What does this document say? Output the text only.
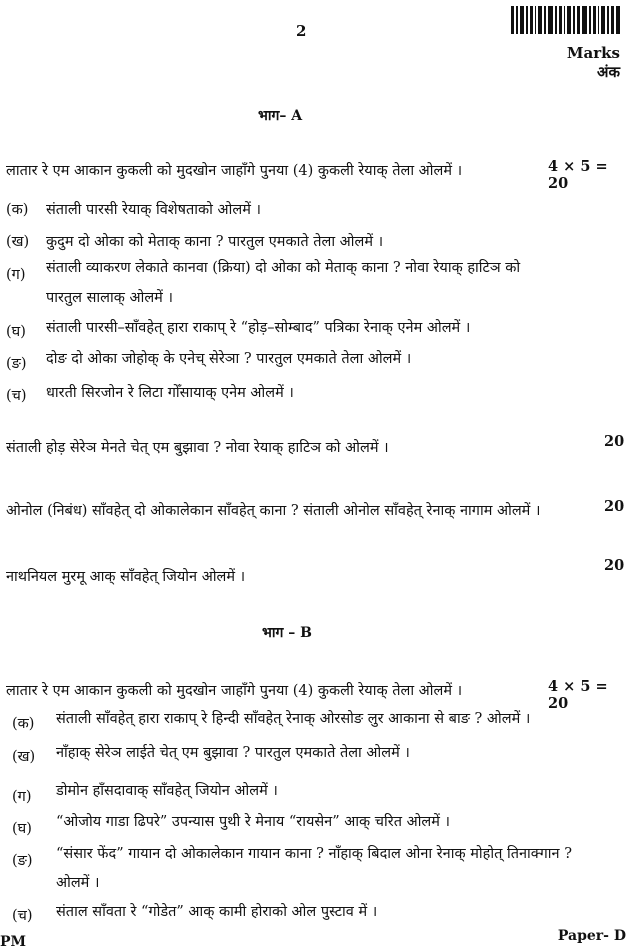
2
Marks
अंक
भाग– A
लातार रे एम आकान कुकली को मुदखोन जाहाँगे पुनया (4) कुकली रेयाक् तेला ओलमें ।	4 × 5 = 20
(क) संताली पारसी रेयाक् विशेषताको ओलमें ।
(ख) कुदुम दो ओका को मेताक् काना ? पारतुल एमकाते तेला ओलमें ।
(ग) संताली व्याकरण लेकाते कानवा (क्रिया) दो ओका को मेताक् काना ? नोवा रेयाक् हाटिञ को
पारतुल सालाक् ओलमें ।
(घ) संताली पारसी–साँवहेत् हारा राकाप् रे “होड़–सोम्बाद” पत्रिका रेनाक् एनेम ओलमें ।
(ङ) दोङ दो ओका जोहोक् के एनेच् सेरेञा ? पारतुल एमकाते तेला ओलमें ।
(च) धारती सिरजोन रे लिटा गोँसायाक् एनेम ओलमें ।
संताली होड़ सेरेञ मेनते चेत् एम बुझावा ? नोवा रेयाक् हाटिञ को ओलमें ।	20
ओनोल (निबंध) साँवहेत् दो ओकालेकान साँवहेत् काना ? संताली ओनोल साँवहेत् रेनाक् नागाम ओलमें ।	20
नाथनियल मुरमू आक् साँवहेत् जियोन ओलमें ।
20
भाग – B
लातार रे एम आकान कुकली को मुदखोन जाहाँगे पुनया (4) कुकली रेयाक् तेला ओलमें ।	4 × 5 = 20
(क) संताली साँवहेत् हारा राकाप् रे हिन्दी साँवहेत् रेनाक् ओरसोङ लुर आकाना से बाङ ? ओलमें ।
(ख) नाँहाक् सेरेञ लाईते चेत् एम बुझावा ? पारतुल एमकाते तेला ओलमें ।
(ग) डोमोन हाँसदावाक् साँवहेत् जियोन ओलमें ।
(घ) “ओजोय गाडा ढिपरे” उपन्यास पुथी रे मेनाय “रायसेन” आक् चरित ओलमें ।
(ङ) “संसार फेंद” गायान दो ओकालेकान गायान काना ? नाँहाक् बिदाल ओना रेनाक् मोहोत् तिनाक्गान ?
ओलमें ।
(च) संताल साँवता रे “गोडेत” आक् कामी होराको ओल पुस्टाव में ।
PM	Paper- D
